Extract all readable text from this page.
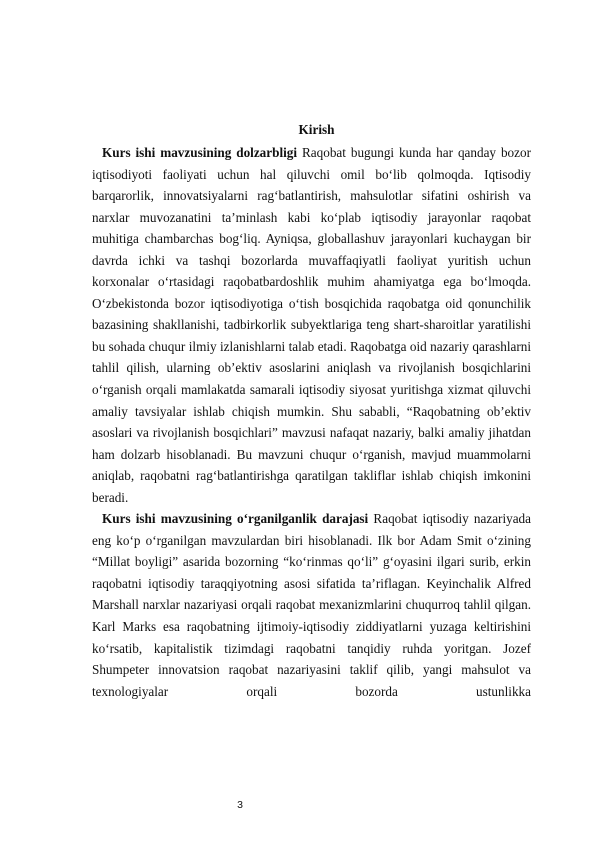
Kirish

Kurs ishi mavzusining dolzarbligi Raqobat bugungi kunda har qanday bozor iqtisodiyoti faoliyati uchun hal qiluvchi omil bo‘lib qolmoqda. Iqtisodiy barqarorlik, innovatsiyalarni rag‘batlantirish, mahsulotlar sifatini oshirish va narxlar muvozanatini ta’minlash kabi ko‘plab iqtisodiy jarayonlar raqobat muhitiga chambarchas bog‘liq. Ayniqsa, globallashuv jarayonlari kuchaygan bir davrda ichki va tashqi bozorlarda muvaffaqiyatli faoliyat yuritish uchun korxonalar o‘rtasidagi raqobatbardoshlik muhim ahamiyatga ega bo‘lmoqda. O‘zbekistonda bozor iqtisodiyotiga o‘tish bosqichida raqobatga oid qonunchilik bazasining shakllanishi, tadbirkorlik subyektlariga teng shart-sharoitlar yaratilishi bu sohada chuqur ilmiy izlanishlarni talab etadi. Raqobatga oid nazariy qarashlarni tahlil qilish, ularning ob’ektiv asoslarini aniqlash va rivojlanish bosqichlarini o‘rganish orqali mamlakatda samarali iqtisodiy siyosat yuritishga xizmat qiluvchi amaliy tavsiyalar ishlab chiqish mumkin. Shu sababli, “Raqobatning ob’ektiv asoslari va rivojlanish bosqichlari” mavzusi nafaqat nazariy, balki amaliy jihatdan ham dolzarb hisoblanadi. Bu mavzuni chuqur o‘rganish, mavjud muammolarni aniqlab, raqobatni rag‘batlantirishga qaratilgan takliflar ishlab chiqish imkonini beradi.

Kurs ishi mavzusining o‘rganilganlik darajasi Raqobat iqtisodiy nazariyada eng ko‘p o‘rganilgan mavzulardan biri hisoblanadi. Ilk bor Adam Smit o‘zining “Millat boyligi” asarida bozorning “ko‘rinmas qo‘li” g‘oyasini ilgari surib, erkin raqobatni iqtisodiy taraqqiyotning asosi sifatida ta’riflagan. Keyinchalik Alfred Marshall narxlar nazariyasi orqali raqobat mexanizmlarini chuqurroq tahlil qilgan. Karl Marks esa raqobatning ijtimoiy-iqtisodiy ziddiyatlarni yuzaga keltirishini ko‘rsatib, kapitalistik tizimdagi raqobatni tanqidiy ruhda yoritgan. Jozef Shumpeter innovatsion raqobat nazariyasini taklif qilib, yangi mahsulot va texnologiyalar orqali bozorda ustunlikka

3
